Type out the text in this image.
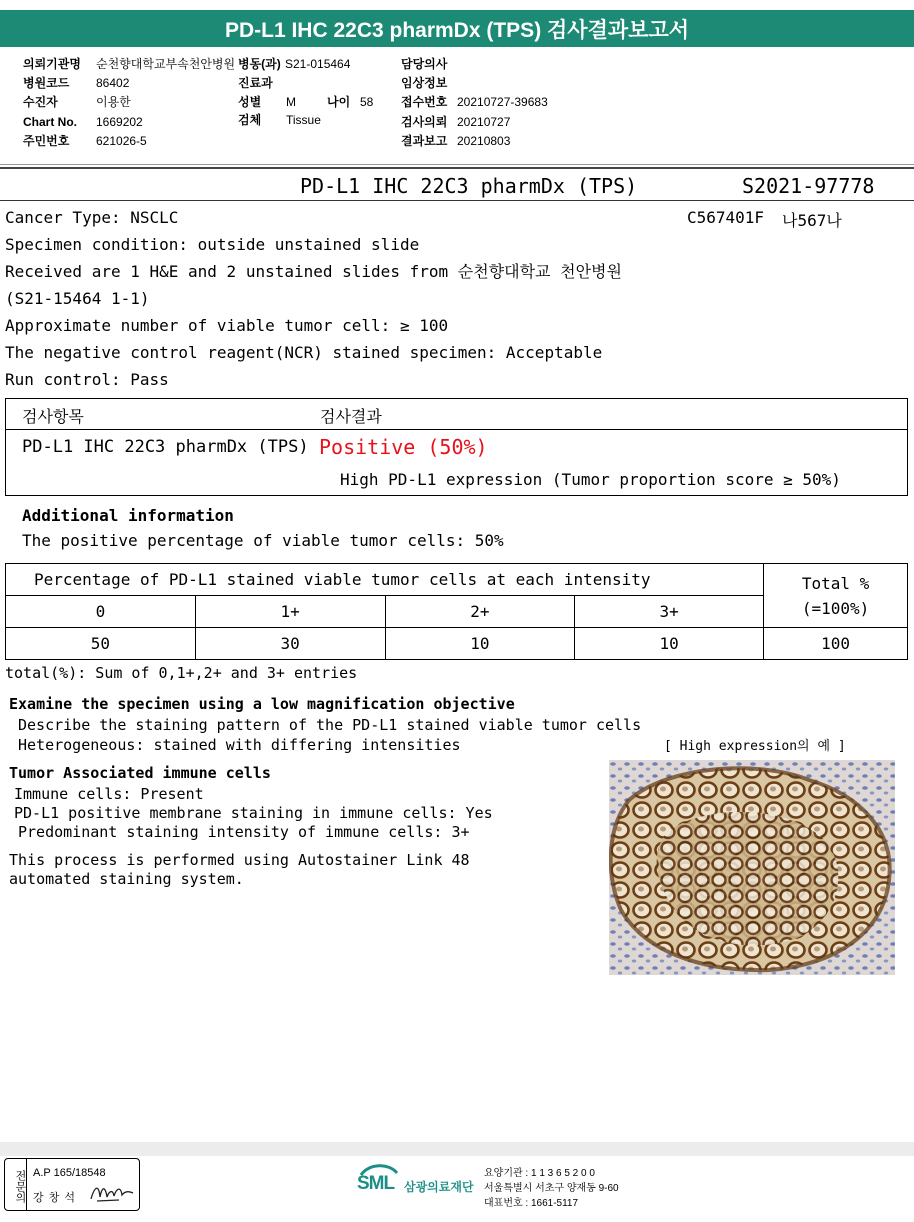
PD-L1 IHC 22C3 pharmDx (TPS) 검사결과보고서
의뢰기관명 순천향대학교부속천안병원 병동(과) S21-015464	담당의사
병원코드 86402	진료과	임상정보
수진자	이용한	성별 M	나이 58 접수번호 20210727-39683
Chart No. 1669202	검체 Tissue	검사의뢰 20210727
주민번호 621026-5	결과보고 20210803
PD-L1 IHC 22C3 pharmDx (TPS)	S2021-97778
Cancer Type: NSCLC	C567401F 나567나
Specimen condition: outside unstained slide
Received are 1 H&E and 2 unstained slides from 순천향대학교 천안병원
(S21-15464 1-1)
Approximate number of viable tumor cell: ≥ 100
The negative control reagent(NCR) stained specimen: Acceptable
Run control: Pass
검사항목	검사결과
PD-L1 IHC 22C3 pharmDx (TPS) Positive (50%)
High PD-L1 expression (Tumor proportion score ≥ 50%)
Additional information
The positive percentage of viable tumor cells: 50%
Percentage of PD-L1 stained viable tumor cells at each intensity				Total %
(=100%)

0	1+	2+	3+	
50	30	10	10	100
total(%): Sum of 0,1+,2+ and 3+ entries
Examine the specimen using a low magnification objective
Describe the staining pattern of the PD-L1 stained viable tumor cells
Heterogeneous: stained with differing intensities	[ High expression의 예 ]
Tumor Associated immune cells
Immune cells: Present
PD-L1 positive membrane staining in immune cells: Yes
Predominant staining intensity of immune cells: 3+
This process is performed using Autostainer Link 48
automated staining system.
전문의 A.P 165/18548
강 창 석
SML 삼광의료재단
요양기관 : 1 1 3 6 5 2 0 0
서울특별시 서초구 양재동 9-60
대표번호 : 1661-5117
